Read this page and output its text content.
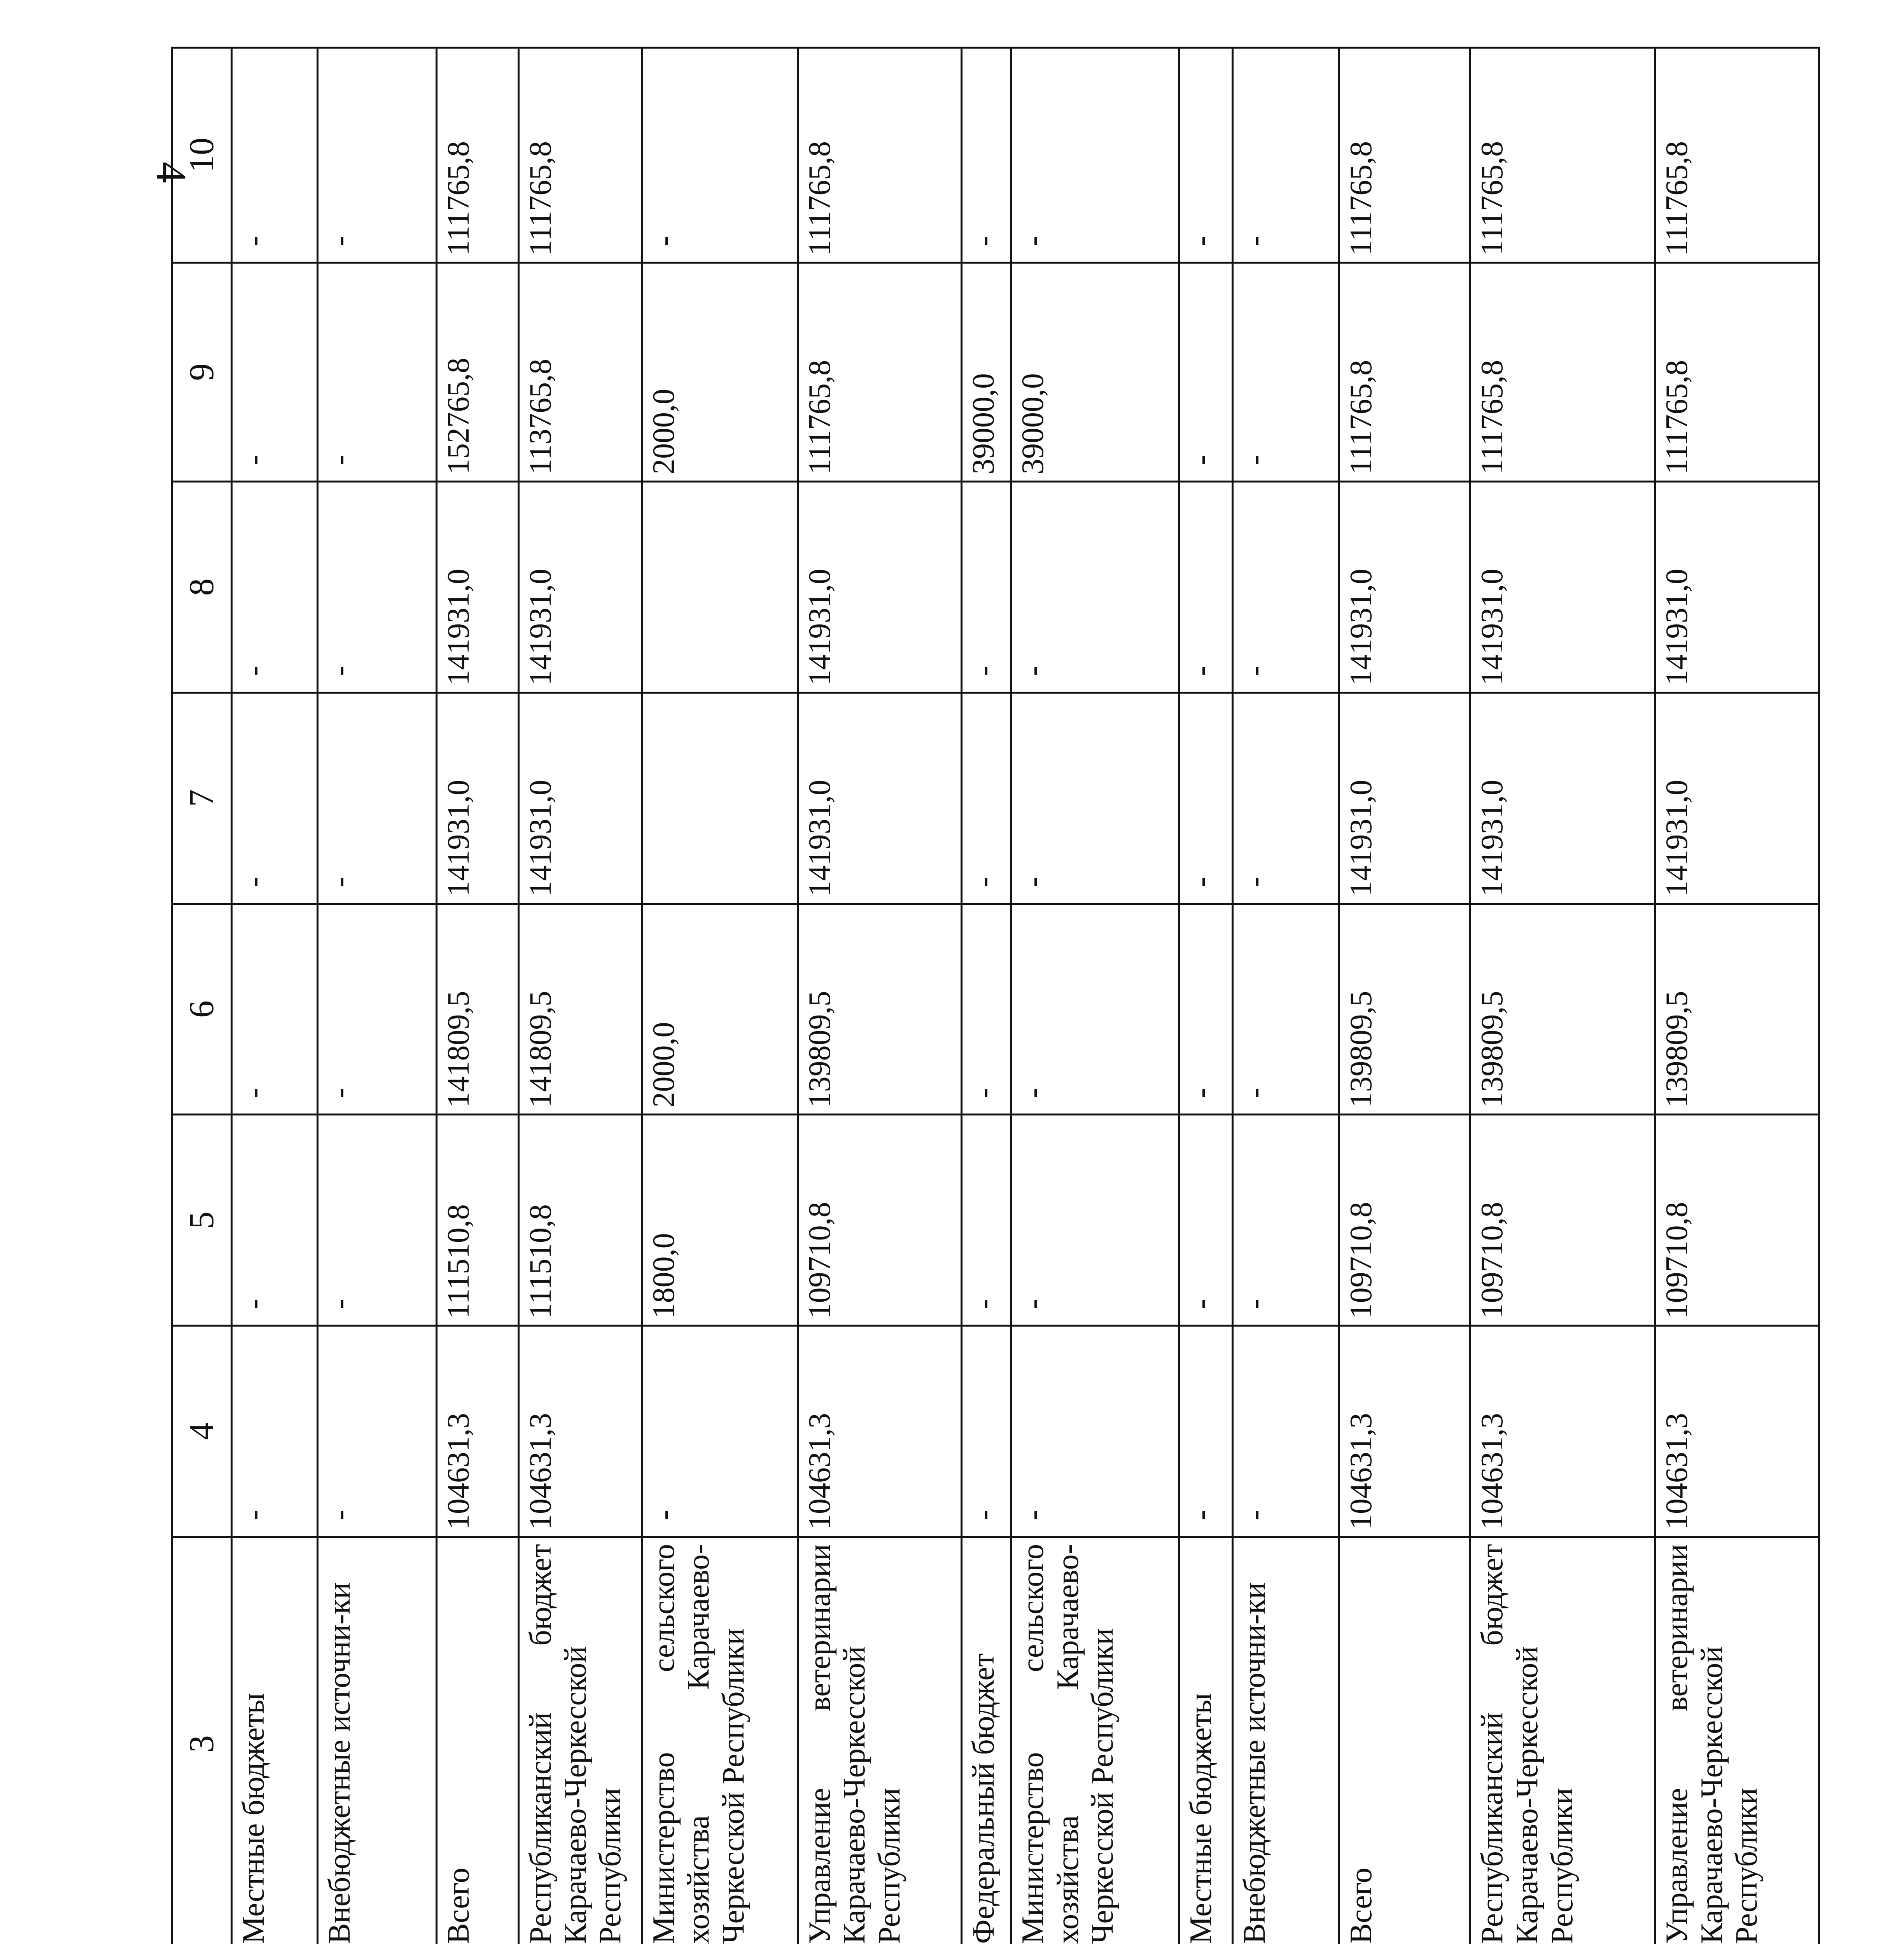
4
		3	4	5	6	7	8	9	10
		Местные бюджеты	-	-	-	-	-	-	-
		Внебюджетные источни-ки	-	-	-	-	-	-	-
		Всего	104631,3	111510,8	141809,5	141931,0	141931,0	152765,8	111765,8
		Республиканский бюджет Карачаево-Черкесской Республики	104631,3	111510,8	141809,5	141931,0	141931,0	113765,8	111765,8
		Министерство сельского хозяйства Карачаево-Черкесской Республики	-	1800,0	2000,0			2000,0	-
		Управление ветеринарии Карачаево-Черкесской Республики	104631,3	109710,8	139809,5	141931,0	141931,0	111765,8	111765,8
		Федеральный бюджет	-	-	-	-	-	39000,0	-
		Министерство сельского хозяйства Карачаево-Черкесской Республики	-	-	-	-	-	39000,0	-
		Местные бюджеты	-	-	-	-	-	-	-
		Внебюджетные источни-ки	-	-	-	-	-	-	-
		Всего	104631,3	109710,8	139809,5	141931,0	141931,0	111765,8	111765,8
		Республиканский бюджет Карачаево-Черкесской Республики	104631,3	109710,8	139809,5	141931,0	141931,0	111765,8	111765,8
		Управление ветеринарии Карачаево-Черкесской Республики	104631,3	109710,8	139809,5	141931,0	141931,0	111765,8	111765,8
